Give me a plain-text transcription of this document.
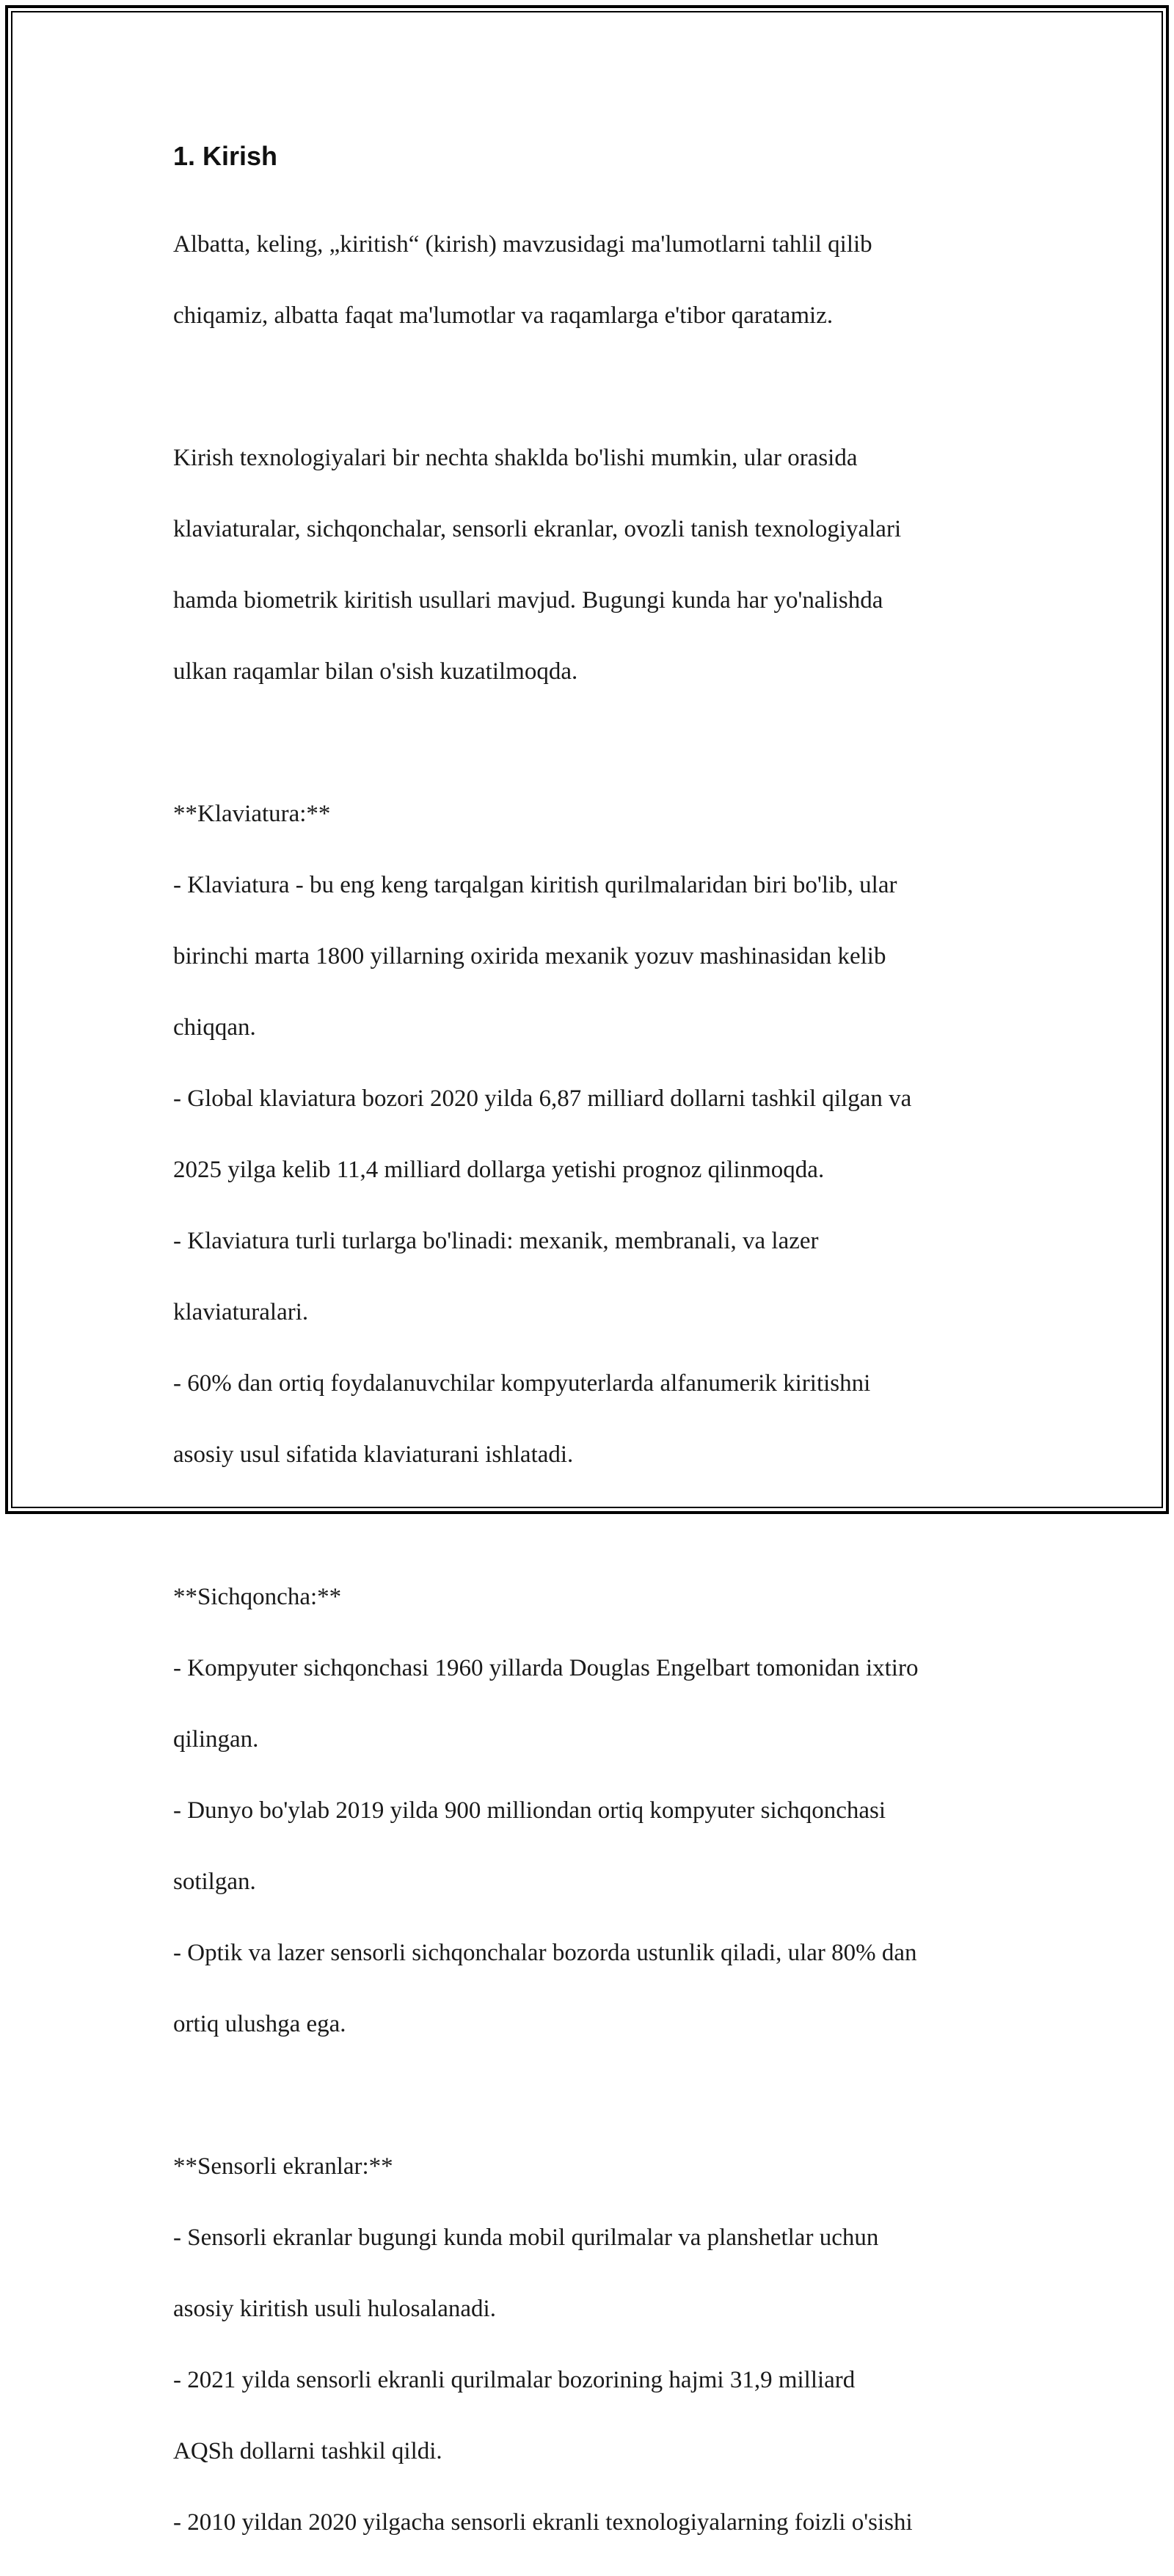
1. Kirish

Albatta, keling, „kiritish“ (kirish) mavzusidagi ma'lumotlarni tahlil qilib

chiqamiz, albatta faqat ma'lumotlar va raqamlarga e'tibor qaratamiz.

Kirish texnologiyalari bir nechta shaklda bo'lishi mumkin, ular orasida

klaviaturalar, sichqonchalar, sensorli ekranlar, ovozli tanish texnologiyalari

hamda biometrik kiritish usullari mavjud. Bugungi kunda har yo'nalishda

ulkan raqamlar bilan o'sish kuzatilmoqda.

**Klaviatura:**

- Klaviatura - bu eng keng tarqalgan kiritish qurilmalaridan biri bo'lib, ular

birinchi marta 1800 yillarning oxirida mexanik yozuv mashinasidan kelib

chiqqan.

- Global klaviatura bozori 2020 yilda 6,87 milliard dollarni tashkil qilgan va

2025 yilga kelib 11,4 milliard dollarga yetishi prognoz qilinmoqda.

- Klaviatura turli turlarga bo'linadi: mexanik, membranali, va lazer

klaviaturalari.

- 60% dan ortiq foydalanuvchilar kompyuterlarda alfanumerik kiritishni

asosiy usul sifatida klaviaturani ishlatadi.

**Sichqoncha:**

- Kompyuter sichqonchasi 1960 yillarda Douglas Engelbart tomonidan ixtiro

qilingan.

- Dunyo bo'ylab 2019 yilda 900 milliondan ortiq kompyuter sichqonchasi

sotilgan.

- Optik va lazer sensorli sichqonchalar bozorda ustunlik qiladi, ular 80% dan

ortiq ulushga ega.

**Sensorli ekranlar:**

- Sensorli ekranlar bugungi kunda mobil qurilmalar va planshetlar uchun

asosiy kiritish usuli hulosalanadi.

- 2021 yilda sensorli ekranli qurilmalar bozorining hajmi 31,9 milliard

AQSh dollarni tashkil qildi.

- 2010 yildan 2020 yilgacha sensorli ekranli texnologiyalarning foizli o'sishi
